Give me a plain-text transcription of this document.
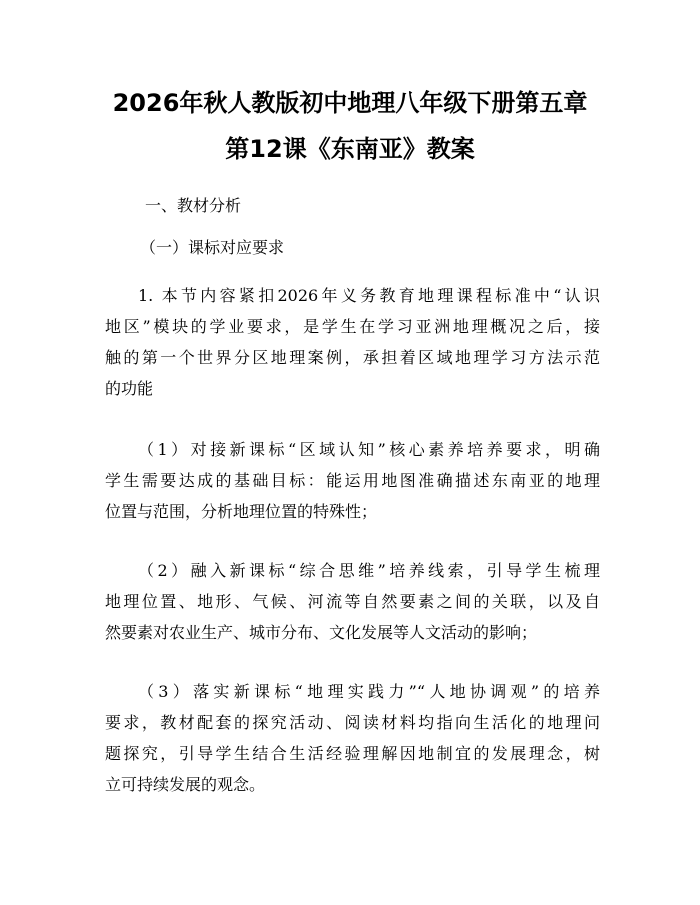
2026年秋人教版初中地理八年级下册第五章
第12课《东南亚》教案
一、教材分析
（一）课标对应要求
1. 本节内容紧扣2026年义务教育地理课程标准中“认识
地区”模块的学业要求，是学生在学习亚洲地理概况之后，接
触的第一个世界分区地理案例，承担着区域地理学习方法示范
的功能
（1）对接新课标“区域认知”核心素养培养要求，明确
学生需要达成的基础目标：能运用地图准确描述东南亚的地理
位置与范围，分析地理位置的特殊性；
（2）融入新课标“综合思维”培养线索，引导学生梳理
地理位置、地形、气候、河流等自然要素之间的关联，以及自
然要素对农业生产、城市分布、文化发展等人文活动的影响；
（3）落实新课标“地理实践力”“人地协调观”的培养
要求，教材配套的探究活动、阅读材料均指向生活化的地理问
题探究，引导学生结合生活经验理解因地制宜的发展理念，树
立可持续发展的观念。
